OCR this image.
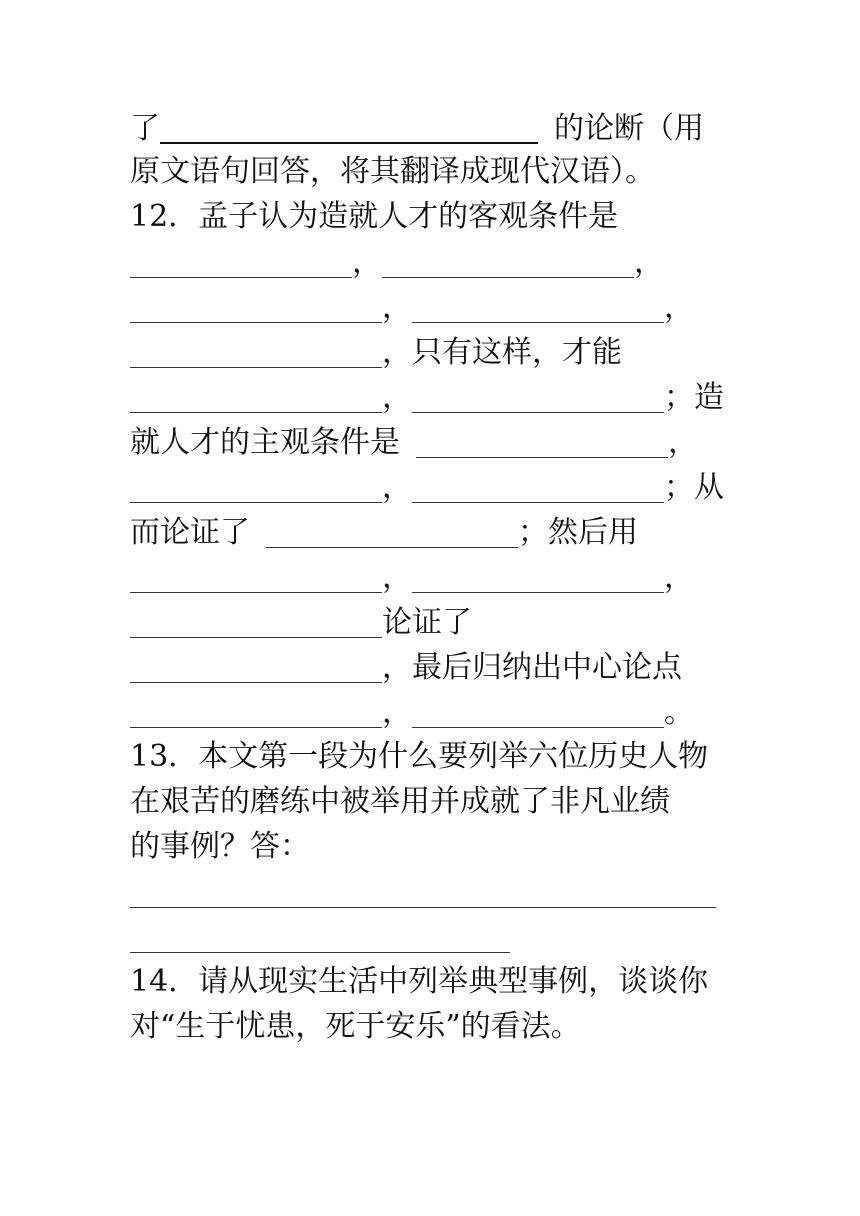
了	的论断（用
原文语句回答，将其翻译成现代汉语）。
12．孟子认为造就人才的客观条件是
，	，
，	，
，只有这样，才能
，	；造
就人才的主观条件是	，
，	；从
而论证了	；然后用
，	，
论证了
，最后归纳出中心论点
，	。
13．本文第一段为什么要列举六位历史人物
在艰苦的磨练中被举用并成就了非凡业绩
的事例？答：
14．请从现实生活中列举典型事例，谈谈你
对“生于忧患，死于安乐”的看法。
